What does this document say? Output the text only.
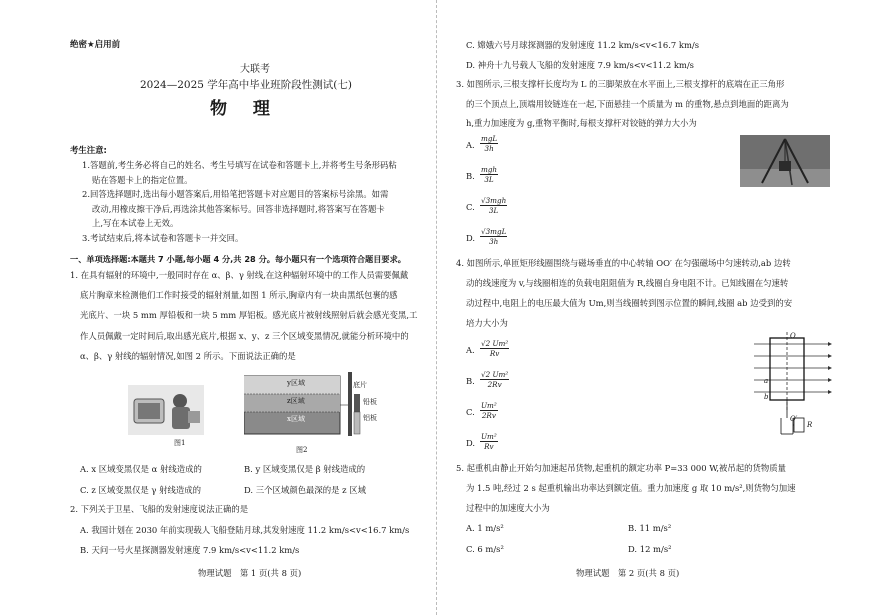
绝密★启用前
大联考
2024—2025 学年高中毕业班阶段性测试(七)
物 理
考生注意:
1.答题前,考生务必将自己的姓名、考生号填写在试卷和答题卡上,并将考生号条形码粘
贴在答题卡上的指定位置。
2.回答选择题时,选出每小题答案后,用铅笔把答题卡对应题目的答案标号涂黑。如需
改动,用橡皮擦干净后,再选涂其他答案标号。回答非选择题时,将答案写在答题卡
上,写在本试卷上无效。
3.考试结束后,将本试卷和答题卡一并交回。
一、单项选择题:本题共 7 小题,每小题 4 分,共 28 分。每小题只有一个选项符合题目要求。
1. 在具有辐射的环境中,一般同时存在 α、β、γ 射线,在这种辐射环境中的工作人员需要佩戴
底片胸章来检测他们工作时接受的辐射剂量,如图 1 所示,胸章内有一块由黑纸包裹的感
光底片、一块 5 mm 厚铅板和一块 5 mm 厚铝板。感光底片被射线照射后就会感光变黑,工
作人员佩戴一定时间后,取出感光底片,根据 x、y、z 三个区域变黑情况,就能分析环境中的
α、β、γ 射线的辐射情况,如图 2 所示。下面说法正确的是
图1
y区域
z区域
x区域
底片
铅板
铝板
图2
A. x 区域变黑仅是 α 射线造成的	B. y 区域变黑仅是 β 射线造成的
C. z 区域变黑仅是 γ 射线造成的	D. 三个区域颜色最深的是 z 区域
2. 下列关于卫星、飞船的发射速度说法正确的是
A. 我国计划在 2030 年前实现载人飞船登陆月球,其发射速度 11.2 km/s<v<16.7 km/s
B. 天问一号火星探测器发射速度 7.9 km/s<v<11.2 km/s
物理试题　第 1 页(共 8 页)
C. 嫦娥六号月球探测器的发射速度 11.2 km/s<v<16.7 km/s
D. 神舟十九号载人飞船的发射速度 7.9 km/s<v<11.2 km/s
3. 如图所示,三根支撑杆长度均为 L 的三脚架放在水平面上,三根支撑杆的底端在正三角形
的三个顶点上,顶端用铰链连在一起,下面悬挂一个质量为 m 的重物,悬点到地面的距离为
h,重力加速度为 g,重物平衡时,每根支撑杆对铰链的弹力大小为
A.
mgL
3h
B.
mgh
3L
C.
√3mgh
3L
D.
√3mgL
3h
4. 如图所示,单匝矩形线圈围绕与磁场垂直的中心转轴 OO′ 在匀强磁场中匀速转动,ab 边转
动的线速度为 v,与线圈相连的负载电阻阻值为 R,线圈自身电阻不计。已知线圈在匀速转
动过程中,电阻上的电压最大值为 Um,则当线圈转到图示位置的瞬间,线圈 ab 边受到的安
培力大小为
A. $\frac{\text{√2 Um²}}{Rv}$
B. $\frac{\text{√2 Um²}}{2Rv}$
C. $\frac{\text{Um²}}{2Rv}$
D. $\frac{\text{Um²}}{Rv}$
O
O′
a
b
R
5. 起重机由静止开始匀加速起吊货物,起重机的额定功率 P=33 000 W,被吊起的货物质量
为 1.5 吨,经过 2 s 起重机输出功率达到额定值。重力加速度 g 取 10 m/s²,则货物匀加速
过程中的加速度大小为
A. 1 m/s²	B. 11 m/s²
C. 6 m/s²	D. 12 m/s²
物理试题　第 2 页(共 8 页)
